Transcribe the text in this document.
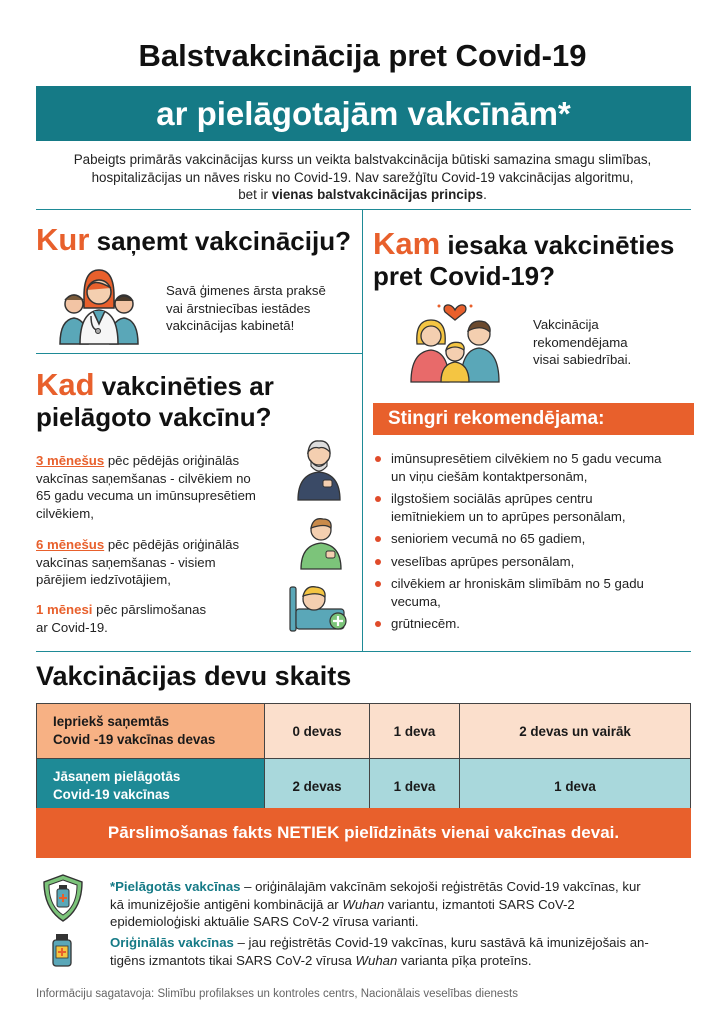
Balstvakcinācija pret Covid-19
ar pielāgotajām vakcīnām*
Pabeigts primārās vakcinācijas kurss un veikta balstvakcinācija būtiski samazina smagu slimības,
hospitalizācijas un nāves risku no Covid-19. Nav sarežģītu Covid-19 vakcinācijas algoritmu,
bet ir vienas balstvakcinācijas princips.
Kur saņemt vakcināciju?
Savā ģimenes ārsta praksē
vai ārstniecības iestādes
vakcinācijas kabinetā!
Kam iesaka vakcinēties
pret Covid-19?
Vakcinācija
rekomendējama
visai sabiedrībai.
Kad vakcinēties ar
pielāgoto vakcīnu?
3 mēnešus pēc pēdējās oriģinālās
vakcīnas saņemšanas - cilvēkiem no
65 gadu vecuma un imūnsupresētiem
cilvēkiem,
6 mēnešus pēc pēdējās oriģinālās
vakcīnas saņemšanas - visiem
pārējiem iedzīvotājiem,
1 mēnesi pēc pārslimošanas
ar Covid-19.
Stingri rekomendējama:
imūnsupresētiem cilvēkiem no 5 gadu vecuma
un viņu ciešām kontaktpersonām,
ilgstošiem sociālās aprūpes centru
iemītniekiem un to aprūpes personālam,
senioriem vecumā no 65 gadiem,
veselības aprūpes personālam,
cilvēkiem ar hroniskām slimībām no 5 gadu
vecuma,
grūtniecēm.
Vakcinācijas devu skaits
Iepriekš saņemtās
Covid -19 vakcīnas devas	0 devas	1 deva	2 devas un vairāk

Jāsaņem pielāgotās
Covid-19 vakcīnas	2 devas	1 deva	1 deva
Pārslimošanas fakts NETIEK pielīdzināts vienai vakcīnas devai.
*Pielāgotās vakcīnas – oriģinālajām vakcīnām sekojoši reģistrētās Covid-19 vakcīnas, kur
kā imunizējošie antigēni kombinācijā ar Wuhan variantu, izmantoti SARS CoV-2
epidemioloģiski aktuālie SARS CoV-2 vīrusa varianti.
Oriģinālās vakcīnas – jau reģistrētās Covid-19 vakcīnas, kuru sastāvā kā imunizējošais an-
tigēns izmantots tikai SARS CoV-2 vīrusa Wuhan varianta pīķa proteīns.
Informāciju sagatavoja: Slimību profilakses un kontroles centrs, Nacionālais veselības dienests
